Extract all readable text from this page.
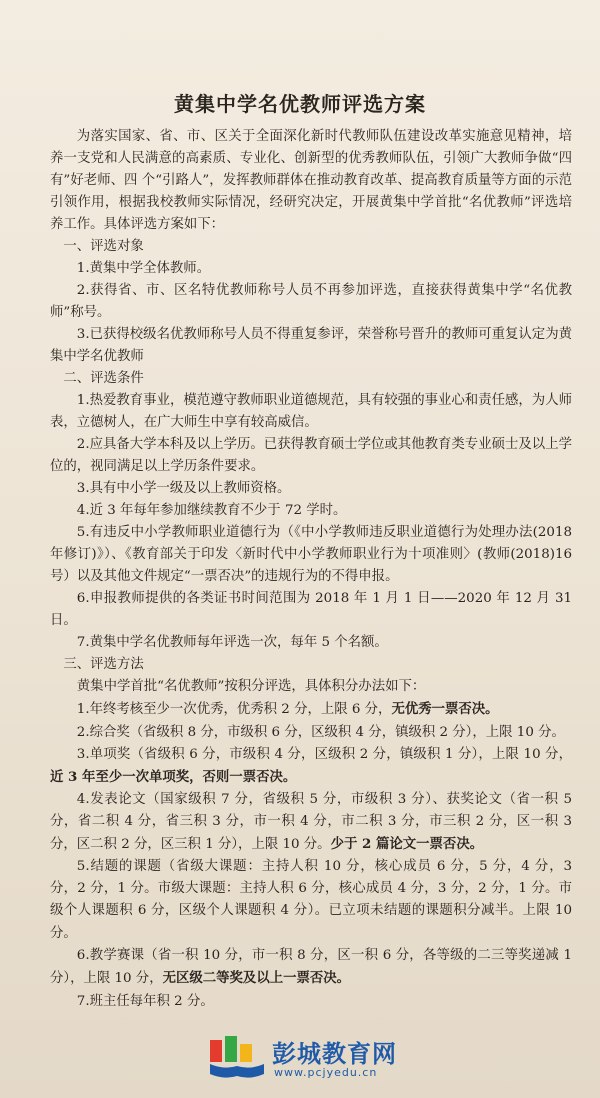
黄集中学名优教师评选方案

为落实国家、省、市、区关于全面深化新时代教师队伍建设改革实施意见精神，培养一支党和人民满意的高素质、专业化、创新型的优秀教师队伍，引领广大教师争做“四有”好老师、四 个“引路人”，发挥教师群体在推动教育改革、提高教育质量等方面的示范引领作用，根据我校教师实际情况，经研究决定，开展黄集中学首批“名优教师”评选培养工作。具体评选方案如下：

一、评选对象

1.黄集中学全体教师。

2.获得省、市、区名特优教师称号人员不再参加评选，直接获得黄集中学“名优教师”称号。

3.已获得校级名优教师称号人员不得重复参评，荣誉称号晋升的教师可重复认定为黄集中学名优教师

二、评选条件

1.热爱教育事业，模范遵守教师职业道德规范，具有较强的事业心和责任感，为人师表，立德树人，在广大师生中享有较高威信。

2.应具备大学本科及以上学历。已获得教育硕士学位或其他教育类专业硕士及以上学位的，视同满足以上学历条件要求。

3.具有中小学一级及以上教师资格。

4.近 3 年每年参加继续教育不少于 72 学时。

5.有违反中小学教师职业道德行为（《中小学教师违反职业道德行为处理办法(2018 年修订)》）、《教育部关于印发〈新时代中小学教师职业行为十项准则〉(教师(2018)16 号）以及其他文件规定“一票否决”的违规行为的不得申报。

6.申报教师提供的各类证书时间范围为 2018 年 1 月 1 日——2020 年 12 月 31 日。

7.黄集中学名优教师每年评选一次，每年 5 个名额。

三、评选方法

黄集中学首批“名优教师”按积分评选，具体积分办法如下：

1.年终考核至少一次优秀，优秀积 2 分，上限 6 分，无优秀一票否决。

2.综合奖（省级积 8 分，市级积 6 分，区级积 4 分，镇级积 2 分），上限 10 分。

3.单项奖（省级积 6 分，市级积 4 分，区级积 2 分，镇级积 1 分），上限 10 分，近 3 年至少一次单项奖，否则一票否决。

4.发表论文（国家级积 7 分，省级积 5 分，市级积 3 分）、获奖论文（省一积 5 分，省二积 4 分，省三积 3 分，市一积 4 分，市二积 3 分，市三积 2 分，区一积 3 分，区二积 2 分，区三积 1 分），上限 10 分。少于 2 篇论文一票否决。

5.结题的课题（省级大课题：主持人积 10 分，核心成员 6 分，5 分，4 分，3 分，2 分，1 分。市级大课题：主持人积 6 分，核心成员 4 分，3 分，2 分，1 分。市级个人课题积 6 分，区级个人课题积 4 分）。已立项未结题的课题积分减半。上限 10 分。

6.教学赛课（省一积 10 分，市一积 8 分，区一积 6 分，各等级的二三等奖递减 1 分），上限 10 分，无区级二等奖及以上一票否决。

7.班主任每年积 2 分。

彭城教育网
www.pcjyedu.cn
